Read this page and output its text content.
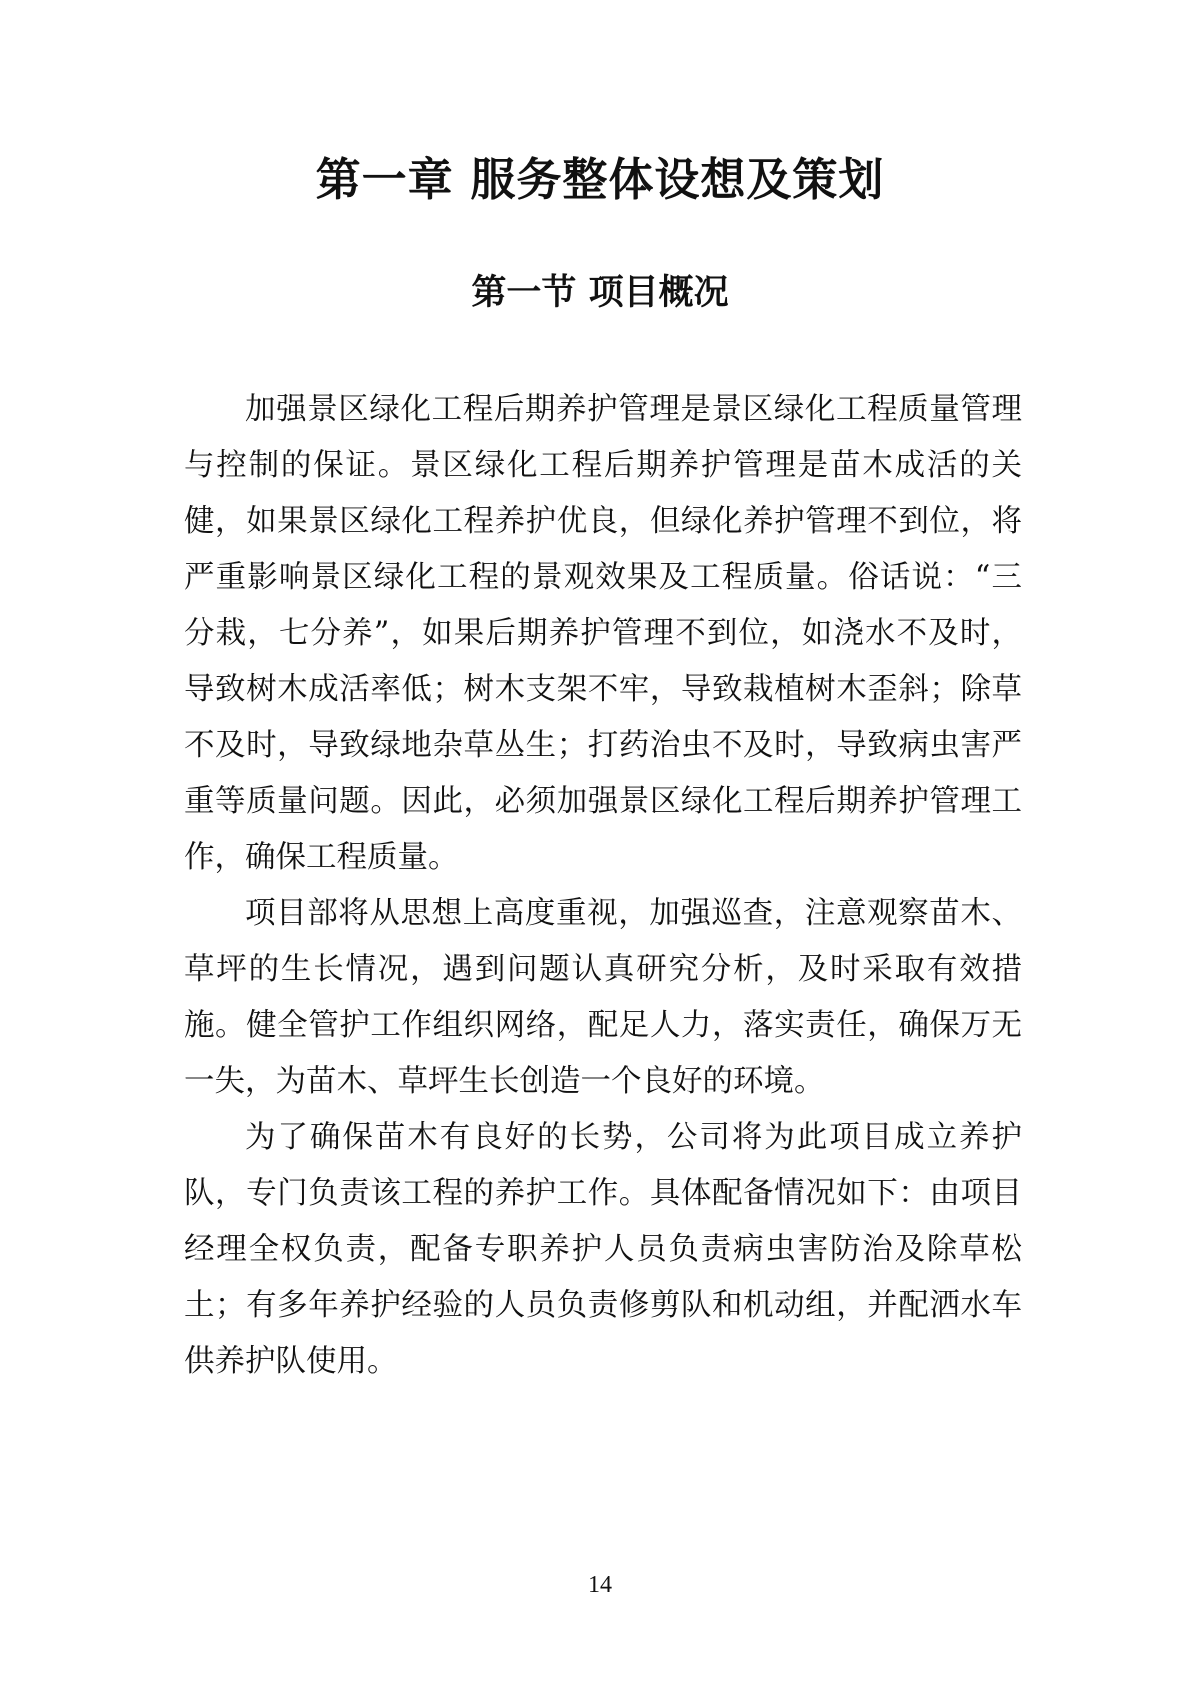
第一章 服务整体设想及策划
第一节 项目概况

加强景区绿化工程后期养护管理是景区绿化工程质量管理与控制的保证。景区绿化工程后期养护管理是苗木成活的关健，如果景区绿化工程养护优良，但绿化养护管理不到位，将严重影响景区绿化工程的景观效果及工程质量。俗话说：“三分栽，七分养”，如果后期养护管理不到位，如浇水不及时，导致树木成活率低；树木支架不牢，导致栽植树木歪斜；除草不及时，导致绿地杂草丛生；打药治虫不及时，导致病虫害严重等质量问题。因此，必须加强景区绿化工程后期养护管理工作，确保工程质量。

项目部将从思想上高度重视，加强巡查，注意观察苗木、草坪的生长情况，遇到问题认真研究分析，及时采取有效措施。健全管护工作组织网络，配足人力，落实责任，确保万无一失，为苗木、草坪生长创造一个良好的环境。

为了确保苗木有良好的长势，公司将为此项目成立养护队，专门负责该工程的养护工作。具体配备情况如下：由项目经理全权负责，配备专职养护人员负责病虫害防治及除草松土；有多年养护经验的人员负责修剪队和机动组，并配洒水车供养护队使用。

14
